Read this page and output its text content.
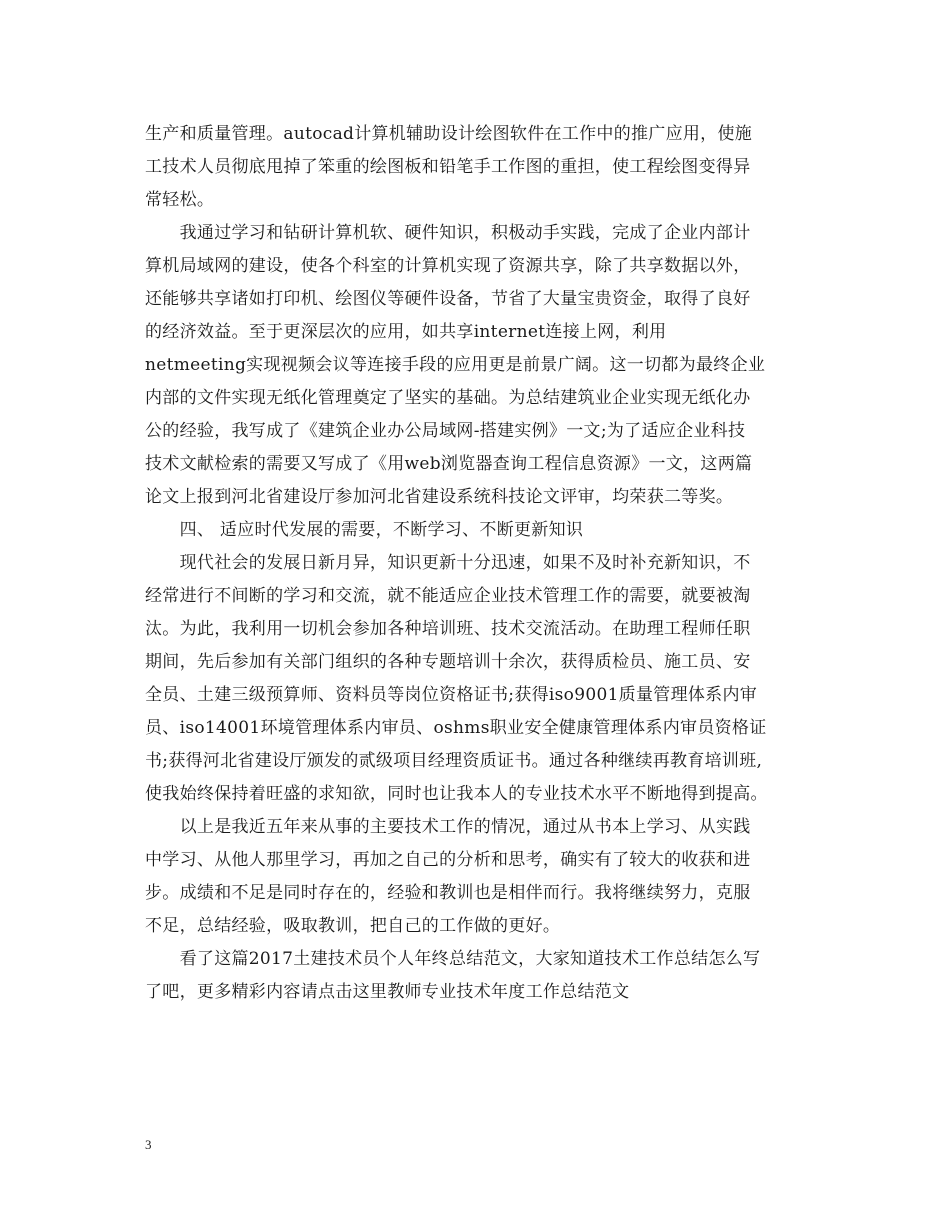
生产和质量管理。autocad计算机辅助设计绘图软件在工作中的推广应用，使施
工技术人员彻底甩掉了笨重的绘图板和铅笔手工作图的重担，使工程绘图变得异
常轻松。
　　我通过学习和钻研计算机软、硬件知识，积极动手实践，完成了企业内部计
算机局域网的建设，使各个科室的计算机实现了资源共享，除了共享数据以外，
还能够共享诸如打印机、绘图仪等硬件设备，节省了大量宝贵资金，取得了良好
的经济效益。至于更深层次的应用，如共享internet连接上网，利用
netmeeting实现视频会议等连接手段的应用更是前景广阔。这一切都为最终企业
内部的文件实现无纸化管理奠定了坚实的基础。为总结建筑业企业实现无纸化办
公的经验，我写成了《建筑企业办公局域网-搭建实例》一文;为了适应企业科技
技术文献检索的需要又写成了《用web浏览器查询工程信息资源》一文，这两篇
论文上报到河北省建设厅参加河北省建设系统科技论文评审，均荣获二等奖。
　　四、 适应时代发展的需要，不断学习、不断更新知识
　　现代社会的发展日新月异，知识更新十分迅速，如果不及时补充新知识，不
经常进行不间断的学习和交流，就不能适应企业技术管理工作的需要，就要被淘
汰。为此，我利用一切机会参加各种培训班、技术交流活动。在助理工程师任职
期间，先后参加有关部门组织的各种专题培训十余次，获得质检员、施工员、安
全员、土建三级预算师、资料员等岗位资格证书;获得iso9001质量管理体系内审
员、iso14001环境管理体系内审员、oshms职业安全健康管理体系内审员资格证
书;获得河北省建设厅颁发的贰级项目经理资质证书。通过各种继续再教育培训班,
使我始终保持着旺盛的求知欲，同时也让我本人的专业技术水平不断地得到提高。
　　以上是我近五年来从事的主要技术工作的情况，通过从书本上学习、从实践
中学习、从他人那里学习，再加之自己的分析和思考，确实有了较大的收获和进
步。成绩和不足是同时存在的，经验和教训也是相伴而行。我将继续努力，克服
不足，总结经验，吸取教训，把自己的工作做的更好。
　　看了这篇2017土建技术员个人年终总结范文，大家知道技术工作总结怎么写
了吧，更多精彩内容请点击这里教师专业技术年度工作总结范文
3
